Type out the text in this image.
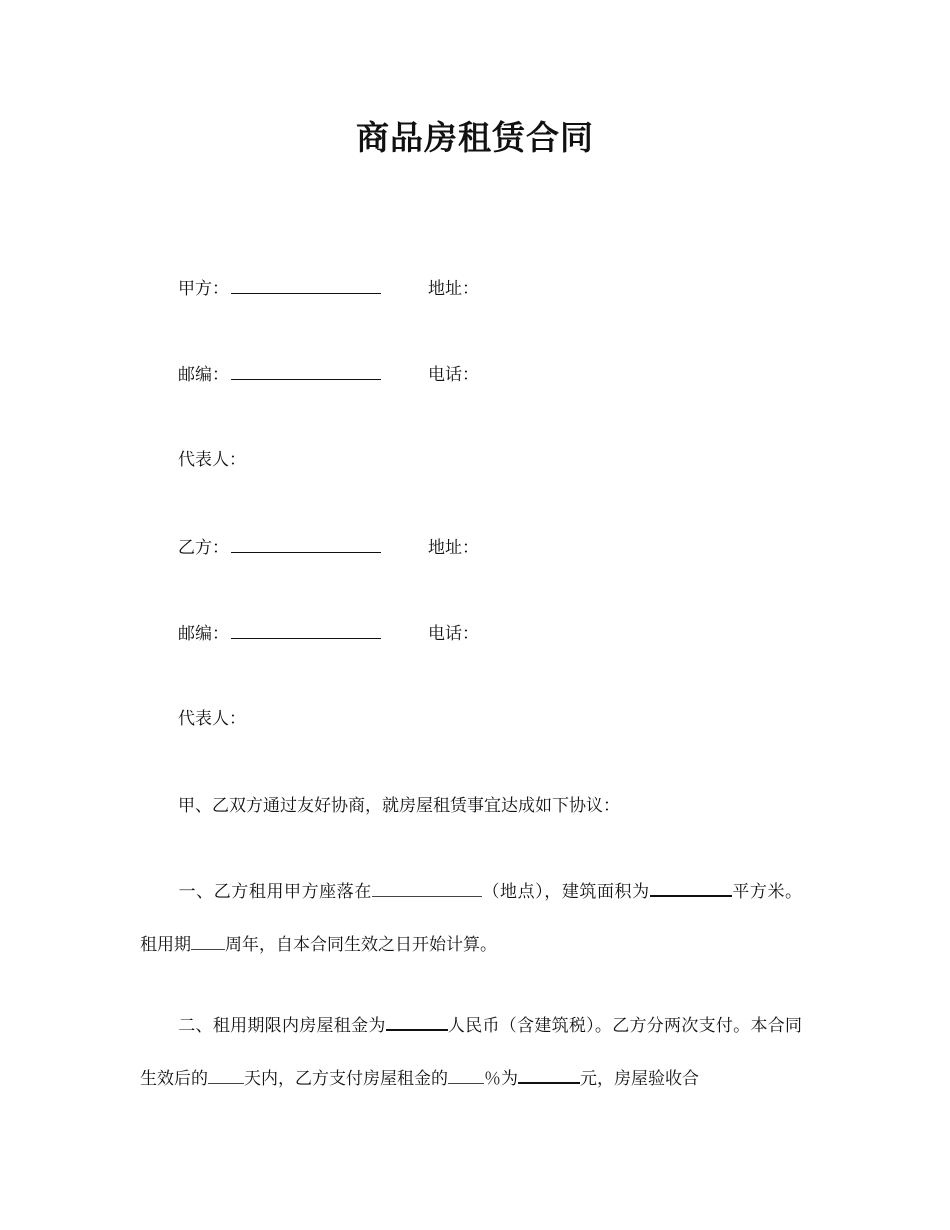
商品房租赁合同
甲方：	地址：
邮编：	电话：
代表人：
乙方：	地址：
邮编：	电话：
代表人：
甲、乙双方通过友好协商，就房屋租赁事宜达成如下协议：
一、乙方租用甲方座落在	（地点），建筑面积为	平方米。租用期 周年，自本合同生效之日开始计算。
二、租用期限内房屋租金为	人民币（含建筑税）。乙方分两次支付。本合同生效后的 天内，乙方支付房屋租金的 ％为	元，房屋验收合
